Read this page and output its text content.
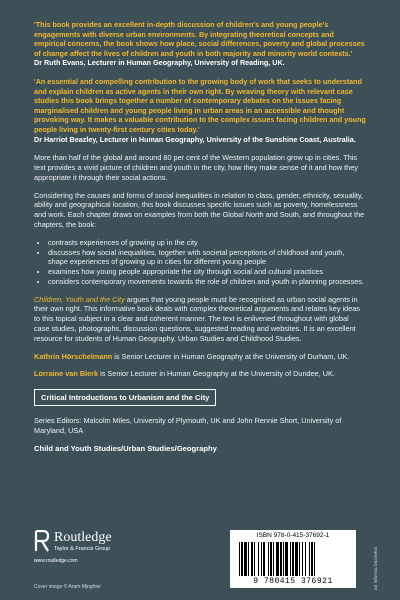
'This book provides an excellent in-depth discussion of children's and young people's engagements with diverse urban environments. By integrating theoretical concepts and empirical concerns, the book shows how place, social differences, poverty and global processes of change affect the lives of children and youth in both majority and minority world contexts.'

Dr Ruth Evans, Lecturer in Human Geography, University of Reading, UK.

'An essential and compelling contribution to the growing body of work that seeks to understand and explain children as active agents in their own right. By weaving theory with relevant case studies this book brings together a number of contemporary debates on the issues facing marginalised children and young people living in urban areas in an accessible and thought provoking way. It makes a valuable contribution to the complex issues facing children and young people living in twenty-first century cities today.'

Dr Harriot Beazley, Lecturer in Human Geography, University of the Sunshine Coast, Australia.

More than half of the global and around 80 per cent of the Western population grow up in cities. This text provides a vivid picture of children and youth in the city, how they make sense of it and how they appropriate it through their social actions.

Considering the causes and forms of social inequalities in relation to class, gender, ethnicity, sexuality, ability and geographical location, this book discusses specific issues such as poverty, homelessness and work. Each chapter draws on examples from both the Global North and South, and throughout the chapters, the book:

• contrasts experiences of growing up in the city
• discusses how social inequalities, together with societal perceptions of childhood and youth, shape experiences of growing up in cities for different young people
• examines how young people appropriate the city through social and cultural practices
• considers contemporary movements towards the role of children and youth in planning processes.

Children, Youth and the City argues that young people must be recognised as urban social agents in their own right. This informative book deals with complex theoretical arguments and relates key ideas to this topical subject in a clear and coherent manner. The text is enlivened throughout with global case studies, photographs, discussion questions, suggested reading and websites. It is an excellent resource for students of Human Geography, Urban Studies and Childhood Studies.

Kathrin Hörschelmann is Senior Lecturer in Human Geography at the University of Durham, UK.

Lorraine van Blerk is Senior Lecturer in Human Geography at the University of Dundee, UK.

Critical Introductions to Urbanism and the City

Series Editors: Malcolm Miles, University of Plymouth, UK and John Rennie Short, University of Maryland, USA

Child and Youth Studies/Urban Studies/Geography

Routledge
Taylor & Francis Group
www.routledge.com
Cover image © Aram Mjnghier
ISBN 978-0-415-37692-1
9 780415 376921	an informa business
